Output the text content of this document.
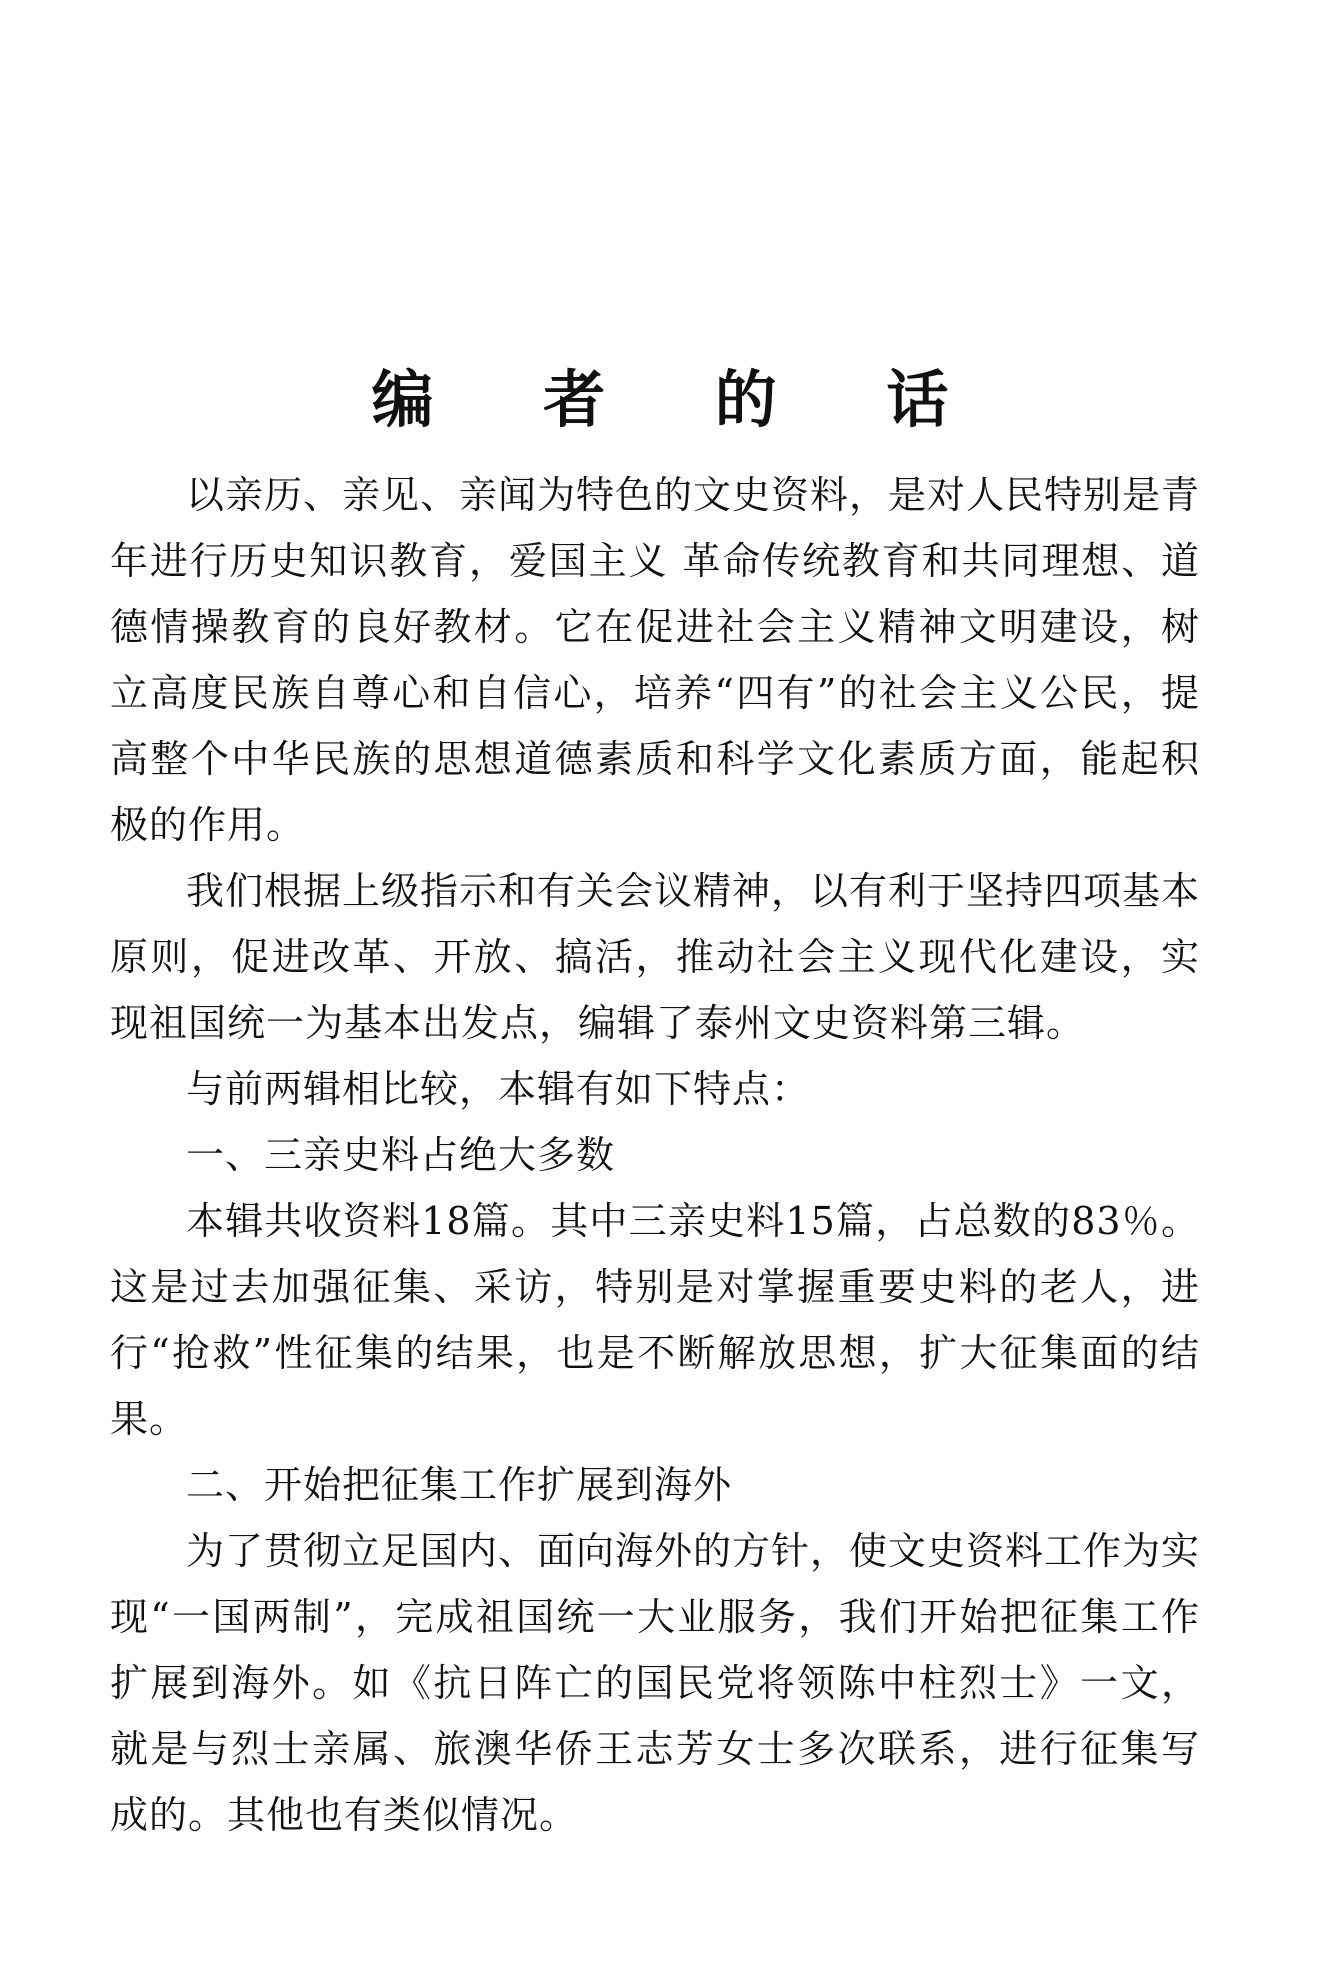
编 者 的 话

以亲历、亲见、亲闻为特色的文史资料，是对人民特别是青年进行历史知识教育，爱国主义 革命传统教育和共同理想、道德情操教育的良好教材。它在促进社会主义精神文明建设，树立高度民族自尊心和自信心，培养“四有”的社会主义公民，提高整个中华民族的思想道德素质和科学文化素质方面，能起积极的作用。

我们根据上级指示和有关会议精神，以有利于坚持四项基本原则，促进改革、开放、搞活，推动社会主义现代化建设，实现祖国统一为基本出发点，编辑了泰州文史资料第三辑。

与前两辑相比较，本辑有如下特点：

一、三亲史料占绝大多数

本辑共收资料18篇。其中三亲史料15篇，占总数的83％。这是过去加强征集、采访，特别是对掌握重要史料的老人，进行“抢救”性征集的结果，也是不断解放思想，扩大征集面的结果。

二、开始把征集工作扩展到海外

为了贯彻立足国内、面向海外的方针，使文史资料工作为实现“一国两制”，完成祖国统一大业服务，我们开始把征集工作扩展到海外。如《抗日阵亡的国民党将领陈中柱烈士》一文，就是与烈士亲属、旅澳华侨王志芳女士多次联系，进行征集写成的。其他也有类似情况。
